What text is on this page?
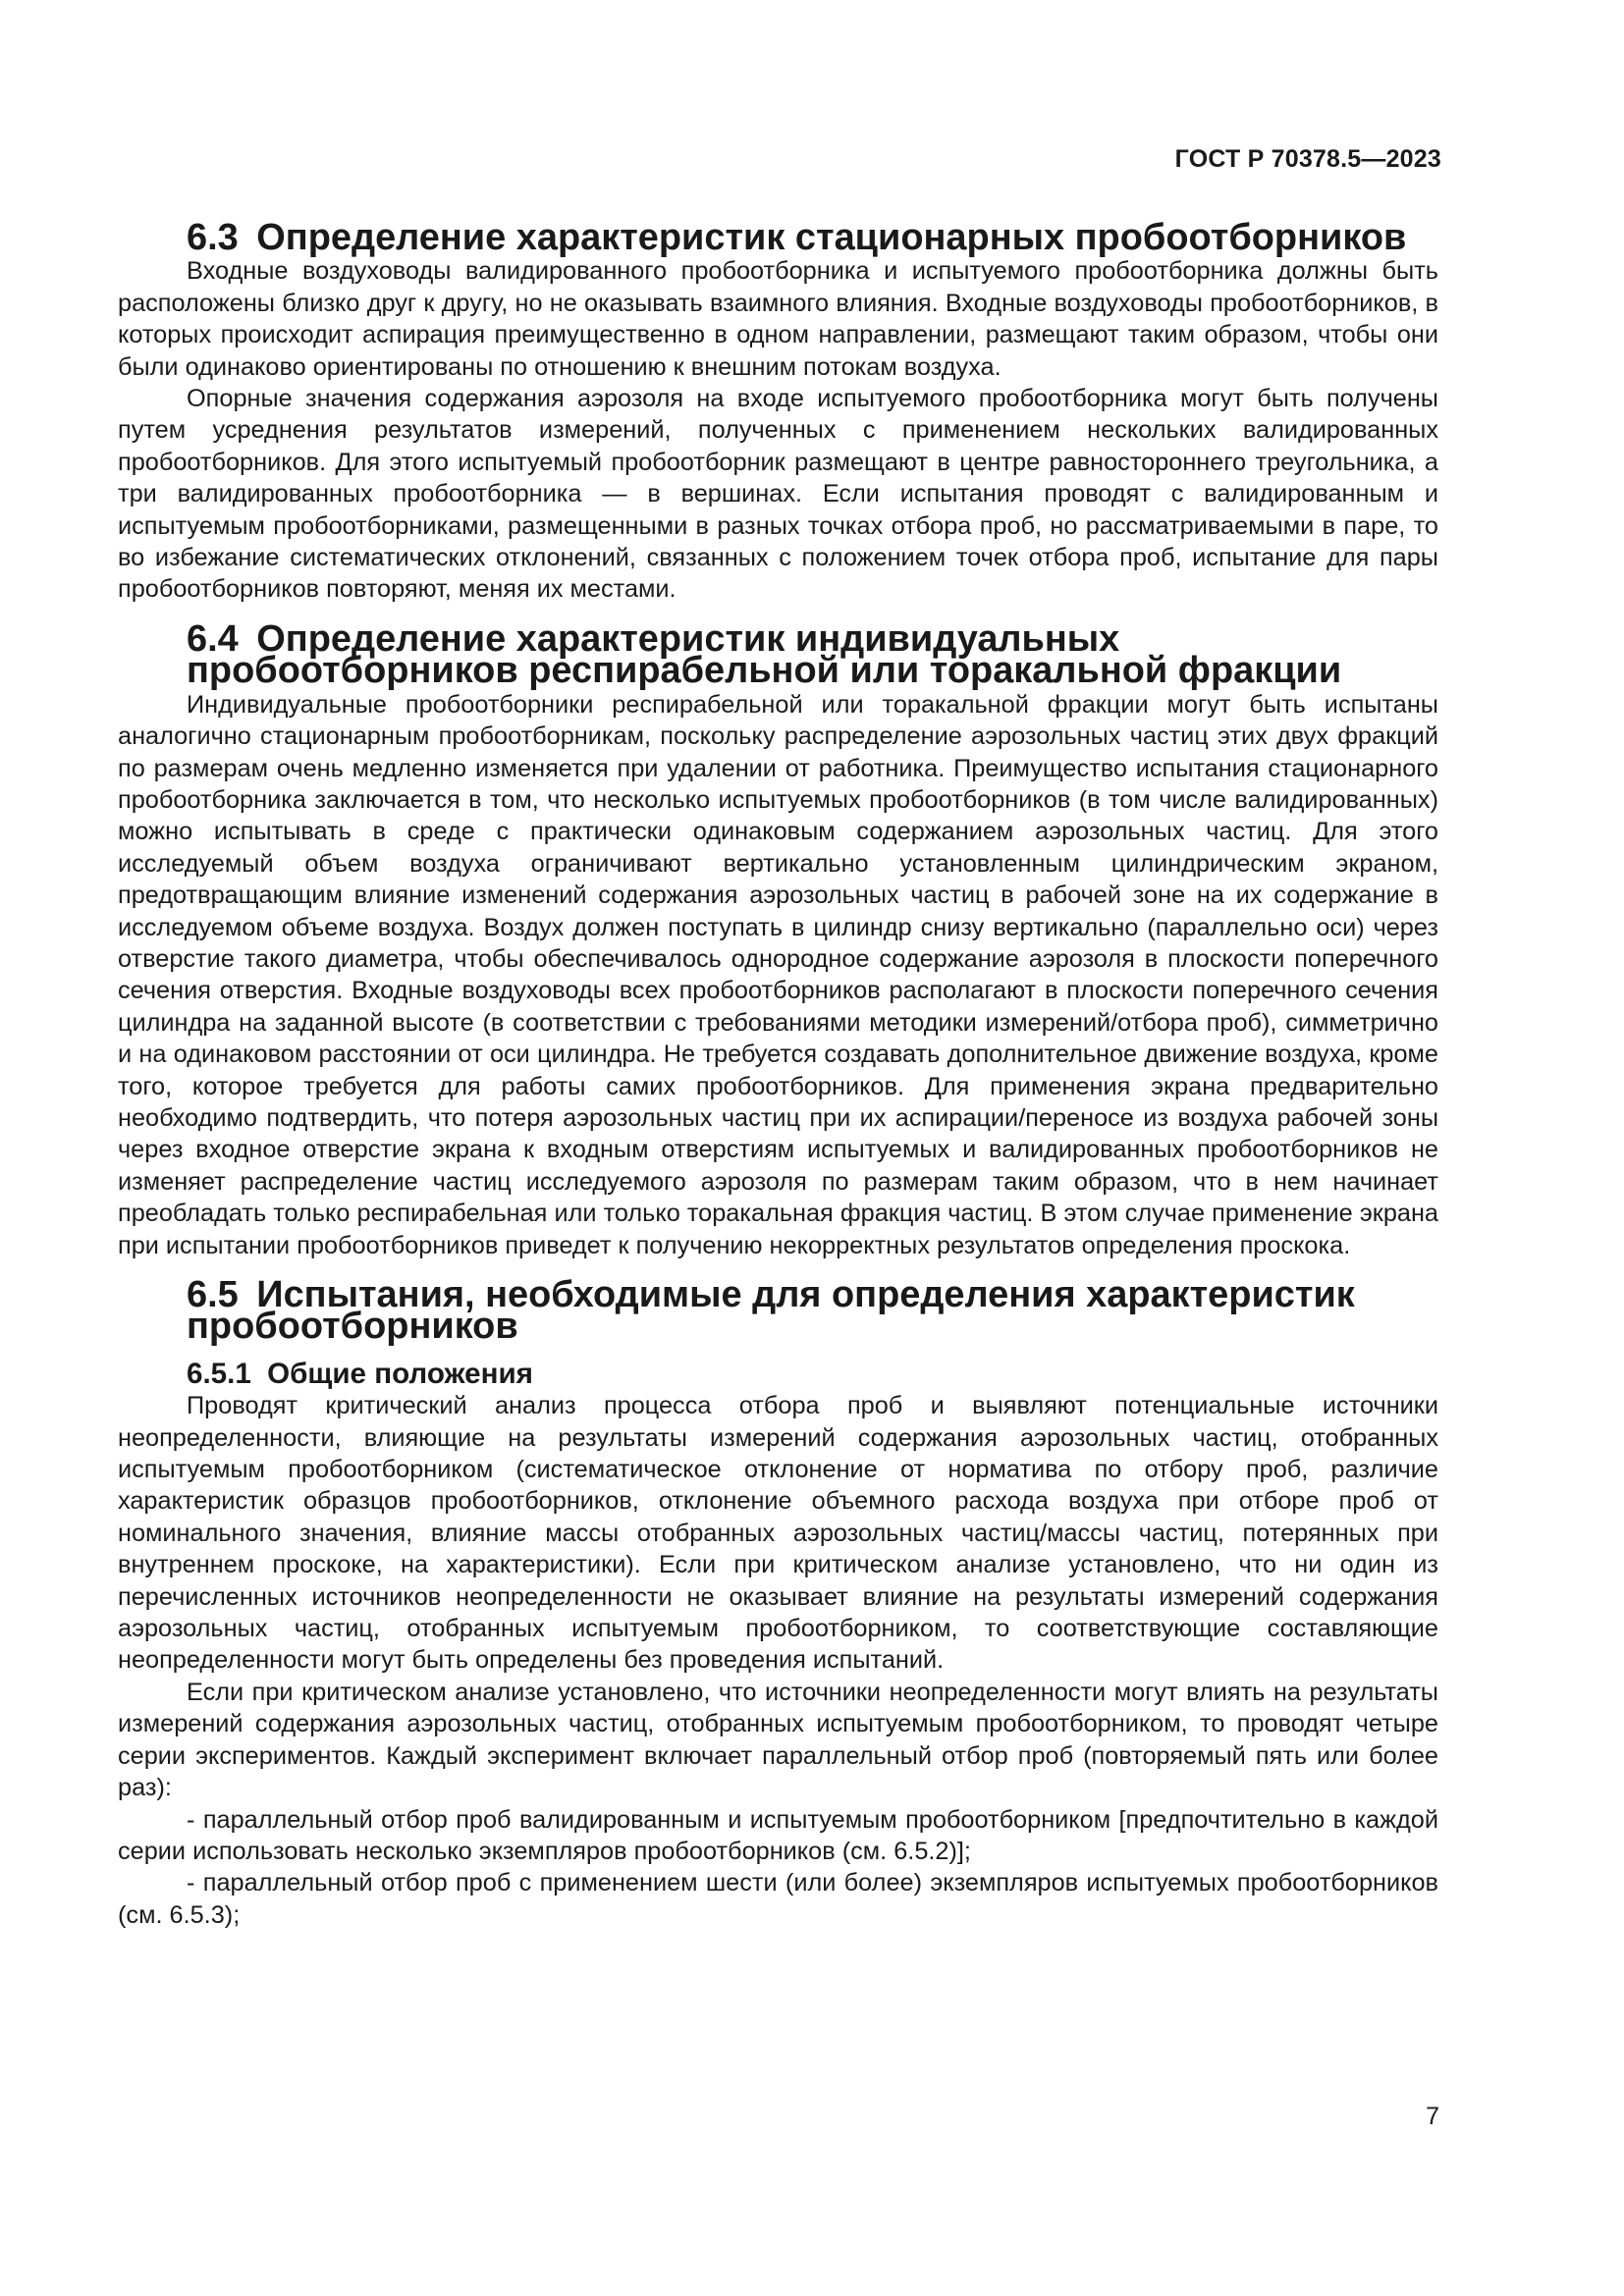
ГОСТ Р 70378.5—2023
6.3 Определение характеристик стационарных пробоотборников

Входные воздуховоды валидированного пробоотборника и испытуемого пробоотборника должны быть расположены близко друг к другу, но не оказывать взаимного влияния. Входные воздуховоды пробоотборников, в которых происходит аспирация преимущественно в одном направлении, размещают таким образом, чтобы они были одинаково ориентированы по отношению к внешним потокам воздуха.

Опорные значения содержания аэрозоля на входе испытуемого пробоотборника могут быть получены путем усреднения результатов измерений, полученных с применением нескольких валидированных пробоотборников. Для этого испытуемый пробоотборник размещают в центре равностороннего треугольника, а три валидированных пробоотборника — в вершинах. Если испытания проводят с валидированным и испытуемым пробоотборниками, размещенными в разных точках отбора проб, но рассматриваемыми в паре, то во избежание систематических отклонений, связанных с положением точек отбора проб, испытание для пары пробоотборников повторяют, меняя их местами.

6.4 Определение характеристик индивидуальных пробоотборников респирабельной или торакальной фракции

Индивидуальные пробоотборники респирабельной или торакальной фракции могут быть испытаны аналогично стационарным пробоотборникам, поскольку распределение аэрозольных частиц этих двух фракций по размерам очень медленно изменяется при удалении от работника. Преимущество испытания стационарного пробоотборника заключается в том, что несколько испытуемых пробоотборников (в том числе валидированных) можно испытывать в среде с практически одинаковым содержанием аэрозольных частиц. Для этого исследуемый объем воздуха ограничивают вертикально установленным цилиндрическим экраном, предотвращающим влияние изменений содержания аэрозольных частиц в рабочей зоне на их содержание в исследуемом объеме воздуха. Воздух должен поступать в цилиндр снизу вертикально (параллельно оси) через отверстие такого диаметра, чтобы обеспечивалось однородное содержание аэрозоля в плоскости поперечного сечения отверстия. Входные воздуховоды всех пробоотборников располагают в плоскости поперечного сечения цилиндра на заданной высоте (в соответствии с требованиями методики измерений/отбора проб), симметрично и на одинаковом расстоянии от оси цилиндра. Не требуется создавать дополнительное движение воздуха, кроме того, которое требуется для работы самих пробоотборников. Для применения экрана предварительно необходимо подтвердить, что потеря аэрозольных частиц при их аспирации/переносе из воздуха рабочей зоны через входное отверстие экрана к входным отверстиям испытуемых и валидированных пробоотборников не изменяет распределение частиц исследуемого аэрозоля по размерам таким образом, что в нем начинает преобладать только респирабельная или только торакальная фракция частиц. В этом случае применение экрана при испытании пробоотборников приведет к получению некорректных результатов определения проскока.

6.5 Испытания, необходимые для определения характеристик пробоотборников
6.5.1 Общие положения

Проводят критический анализ процесса отбора проб и выявляют потенциальные источники неопределенности, влияющие на результаты измерений содержания аэрозольных частиц, отобранных испытуемым пробоотборником (систематическое отклонение от норматива по отбору проб, различие характеристик образцов пробоотборников, отклонение объемного расхода воздуха при отборе проб от номинального значения, влияние массы отобранных аэрозольных частиц/массы частиц, потерянных при внутреннем проскоке, на характеристики). Если при критическом анализе установлено, что ни один из перечисленных источников неопределенности не оказывает влияние на результаты измерений содержания аэрозольных частиц, отобранных испытуемым пробоотборником, то соответствующие составляющие неопределенности могут быть определены без проведения испытаний.

Если при критическом анализе установлено, что источники неопределенности могут влиять на результаты измерений содержания аэрозольных частиц, отобранных испытуемым пробоотборником, то проводят четыре серии экспериментов. Каждый эксперимент включает параллельный отбор проб (повторяемый пять или более раз):

- параллельный отбор проб валидированным и испытуемым пробоотборником [предпочтительно в каждой серии использовать несколько экземпляров пробоотборников (см. 6.5.2)];

- параллельный отбор проб с применением шести (или более) экземпляров испытуемых пробоотборников (см. 6.5.3);

7
